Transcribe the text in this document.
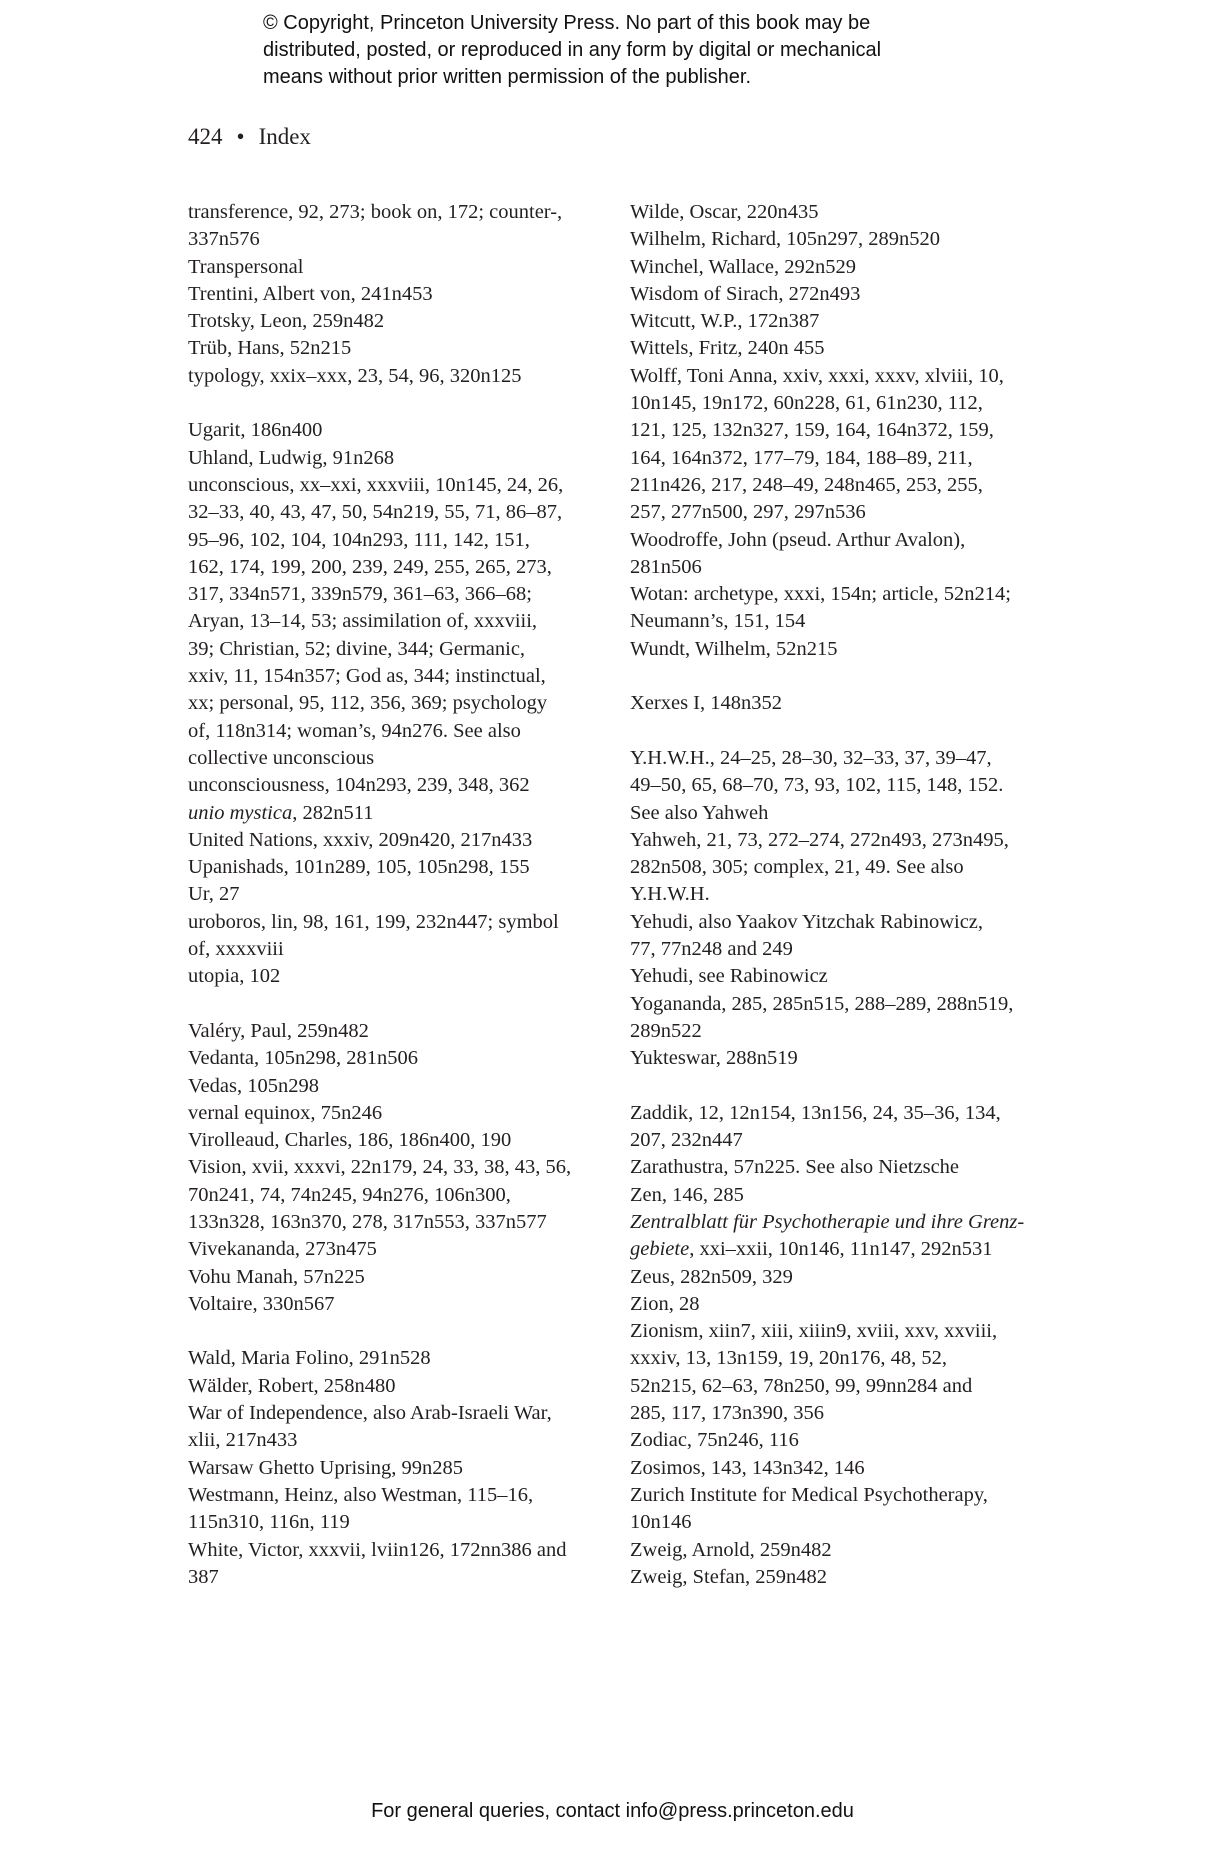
© Copyright, Princeton University Press. No part of this book may be
distributed, posted, or reproduced in any form by digital or mechanical
means without prior written permission of the publisher.
424 • Index
transference, 92, 273; book on, 172; counter-,
337n576
Transpersonal
Trentini, Albert von, 241n453
Trotsky, Leon, 259n482
Trüb, Hans, 52n215
typology, xxix–xxx, 23, 54, 96, 320n125
Ugarit, 186n400
Uhland, Ludwig, 91n268
unconscious, xx–xxi, xxxviii, 10n145, 24, 26,
32–33, 40, 43, 47, 50, 54n219, 55, 71, 86–87,
95–96, 102, 104, 104n293, 111, 142, 151,
162, 174, 199, 200, 239, 249, 255, 265, 273,
317, 334n571, 339n579, 361–63, 366–68;
Aryan, 13–14, 53; assimilation of, xxxviii,
39; Christian, 52; divine, 344; Germanic,
xxiv, 11, 154n357; God as, 344; instinctual,
xx; personal, 95, 112, 356, 369; psychology
of, 118n314; woman’s, 94n276. See also
collective unconscious
unconsciousness, 104n293, 239, 348, 362
unio mystica, 282n511
United Nations, xxxiv, 209n420, 217n433
Upanishads, 101n289, 105, 105n298, 155
Ur, 27
uroboros, lin, 98, 161, 199, 232n447; symbol
of, xxxxviii
utopia, 102
Valéry, Paul, 259n482
Vedanta, 105n298, 281n506
Vedas, 105n298
vernal equinox, 75n246
Virolleaud, Charles, 186, 186n400, 190
Vision, xvii, xxxvi, 22n179, 24, 33, 38, 43, 56,
70n241, 74, 74n245, 94n276, 106n300,
133n328, 163n370, 278, 317n553, 337n577
Vivekananda, 273n475
Vohu Manah, 57n225
Voltaire, 330n567
Wald, Maria Folino, 291n528
Wälder, Robert, 258n480
War of Independence, also Arab-Israeli War,
xlii, 217n433
Warsaw Ghetto Uprising, 99n285
Westmann, Heinz, also Westman, 115–16,
115n310, 116n, 119
White, Victor, xxxvii, lviin126, 172nn386 and
387
Wilde, Oscar, 220n435
Wilhelm, Richard, 105n297, 289n520
Winchel, Wallace, 292n529
Wisdom of Sirach, 272n493
Witcutt, W.P., 172n387
Wittels, Fritz, 240n 455
Wolff, Toni Anna, xxiv, xxxi, xxxv, xlviii, 10,
10n145, 19n172, 60n228, 61, 61n230, 112,
121, 125, 132n327, 159, 164, 164n372, 159,
164, 164n372, 177–79, 184, 188–89, 211,
211n426, 217, 248–49, 248n465, 253, 255,
257, 277n500, 297, 297n536
Woodroffe, John (pseud. Arthur Avalon),
281n506
Wotan: archetype, xxxi, 154n; article, 52n214;
Neumann’s, 151, 154
Wundt, Wilhelm, 52n215
Xerxes I, 148n352
Y.H.W.H., 24–25, 28–30, 32–33, 37, 39–47,
49–50, 65, 68–70, 73, 93, 102, 115, 148, 152.
See also Yahweh
Yahweh, 21, 73, 272–274, 272n493, 273n495,
282n508, 305; complex, 21, 49. See also
Y.H.W.H.
Yehudi, also Yaakov Yitzchak Rabinowicz,
77, 77n248 and 249
Yehudi, see Rabinowicz
Yogananda, 285, 285n515, 288–289, 288n519,
289n522
Yukteswar, 288n519
Zaddik, 12, 12n154, 13n156, 24, 35–36, 134,
207, 232n447
Zarathustra, 57n225. See also Nietzsche
Zen, 146, 285
Zentralblatt für Psychotherapie und ihre Grenz-
gebiete, xxi–xxii, 10n146, 11n147, 292n531
Zeus, 282n509, 329
Zion, 28
Zionism, xiin7, xiii, xiiin9, xviii, xxv, xxviii,
xxxiv, 13, 13n159, 19, 20n176, 48, 52,
52n215, 62–63, 78n250, 99, 99nn284 and
285, 117, 173n390, 356
Zodiac, 75n246, 116
Zosimos, 143, 143n342, 146
Zurich Institute for Medical Psychotherapy,
10n146
Zweig, Arnold, 259n482
Zweig, Stefan, 259n482
For general queries, contact info@press.princeton.edu
